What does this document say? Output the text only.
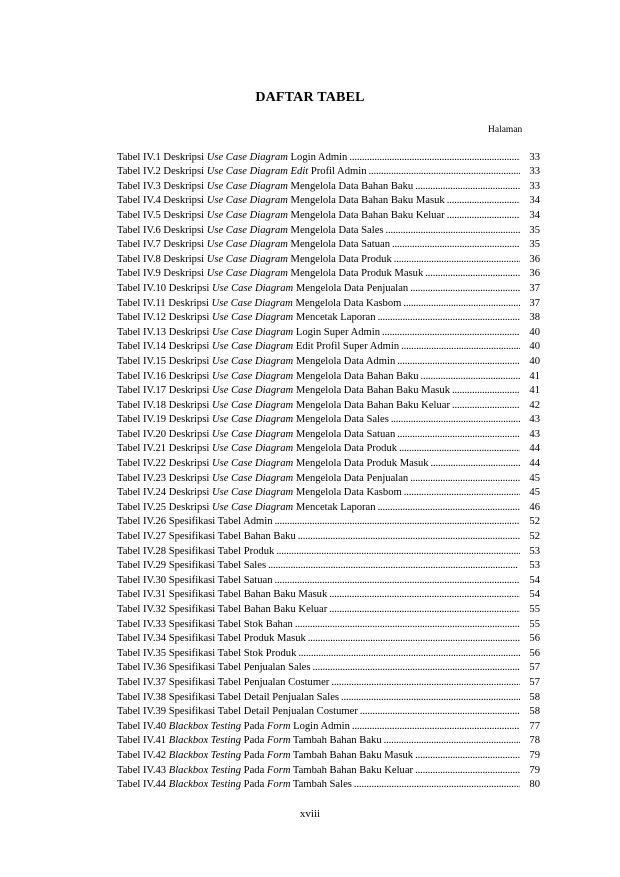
DAFTAR TABEL
Halaman
Tabel IV.1 Deskripsi Use Case Diagram Login Admin . . .	33
Tabel IV.2 Deskripsi Use Case Diagram Edit Profil Admin . . .	33
Tabel IV.3 Deskripsi Use Case Diagram Mengelola Data Bahan Baku . . .	33
Tabel IV.4 Deskripsi Use Case Diagram Mengelola Data Bahan Baku Masuk . . .	34
Tabel IV.5 Deskripsi Use Case Diagram Mengelola Data Bahan Baku Keluar . . .	34
Tabel IV.6 Deskripsi Use Case Diagram Mengelola Data Sales . . .	35
Tabel IV.7 Deskripsi Use Case Diagram Mengelola Data Satuan . . .	35
Tabel IV.8 Deskripsi Use Case Diagram Mengelola Data Produk . . .	36
Tabel IV.9 Deskripsi Use Case Diagram Mengelola Data Produk Masuk . . .	36
Tabel IV.10 Deskripsi Use Case Diagram Mengelola Data Penjualan . . .	37
Tabel IV.11 Deskripsi Use Case Diagram Mengelola Data Kasbom . . .	37
Tabel IV.12 Deskripsi Use Case Diagram Mencetak Laporan . . .	38
Tabel IV.13 Deskripsi Use Case Diagram Login Super Admin . . .	40
Tabel IV.14 Deskripsi Use Case Diagram Edit Profil Super Admin . . .	40
Tabel IV.15 Deskripsi Use Case Diagram Mengelola Data Admin . . .	40
Tabel IV.16 Deskripsi Use Case Diagram Mengelola Data Bahan Baku . . .	41
Tabel IV.17 Deskripsi Use Case Diagram Mengelola Data Bahan Baku Masuk . . .	41
Tabel IV.18 Deskripsi Use Case Diagram Mengelola Data Bahan Baku Keluar . . .	42
Tabel IV.19 Deskripsi Use Case Diagram Mengelola Data Sales . . .	43
Tabel IV.20 Deskripsi Use Case Diagram Mengelola Data Satuan . . .	43
Tabel IV.21 Deskripsi Use Case Diagram Mengelola Data Produk . . .	44
Tabel IV.22 Deskripsi Use Case Diagram Mengelola Data Produk Masuk . . .	44
Tabel IV.23 Deskripsi Use Case Diagram Mengelola Data Penjualan . . .	45
Tabel IV.24 Deskripsi Use Case Diagram Mengelola Data Kasbom . . .	45
Tabel IV.25 Deskripsi Use Case Diagram Mencetak Laporan . . .	46
Tabel IV.26 Spesifikasi Tabel Admin . . .	52
Tabel IV.27 Spesifikasi Tabel Bahan Baku . . .	52
Tabel IV.28 Spesifikasi Tabel Produk . . .	53
Tabel IV.29 Spesifikasi Tabel Sales . . .	53
Tabel IV.30 Spesifikasi Tabel Satuan . . .	54
Tabel IV.31 Spesifikasi Tabel Bahan Baku Masuk . . .	54
Tabel IV.32 Spesifikasi Tabel Bahan Baku Keluar . . .	55
Tabel IV.33 Spesifikasi Tabel Stok Bahan . . .	55
Tabel IV.34 Spesifikasi Tabel Produk Masuk . . .	56
Tabel IV.35 Spesifikasi Tabel Stok Produk . . .	56
Tabel IV.36 Spesifikasi Tabel Penjualan Sales . . .	57
Tabel IV.37 Spesifikasi Tabel Penjualan Costumer . . .	57
Tabel IV.38 Spesifikasi Tabel Detail Penjualan Sales . . .	58
Tabel IV.39 Spesifikasi Tabel Detail Penjualan Costumer . . .	58
Tabel IV.40 Blackbox Testing Pada Form Login Admin . . .	77
Tabel IV.41 Blackbox Testing Pada Form Tambah Bahan Baku . . .	78
Tabel IV.42 Blackbox Testing Pada Form Tambah Bahan Baku Masuk . . .	79
Tabel IV.43 Blackbox Testing Pada Form Tambah Bahan Baku Keluar . . .	79
Tabel IV.44 Blackbox Testing Pada Form Tambah Sales . . .	80
xviii
